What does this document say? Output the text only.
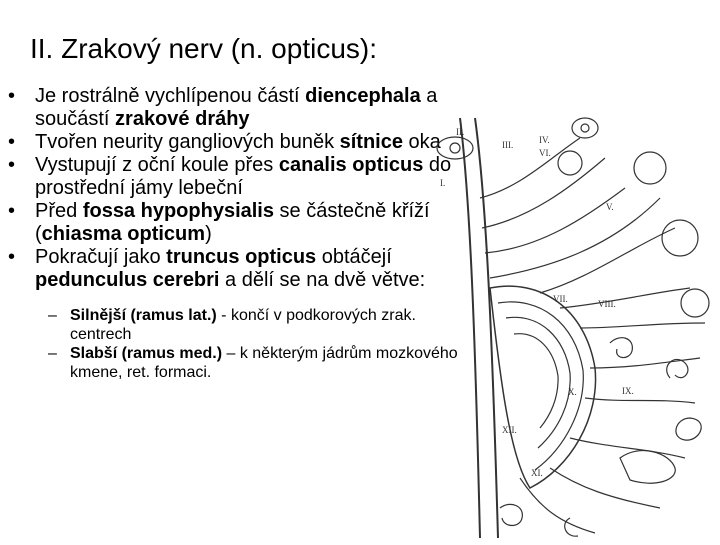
II. Zrakový nerv (n. opticus):
• Je rostrálně vychlípenou částí diencephala a součástí zrakové dráhy
• Tvořen neurity gangliových buněk sítnice oka
• Vystupují z oční koule přes canalis opticus do prostřední jámy lebeční
• Před fossa hypophysialis se částečně kříží (chiasma opticum)
• Pokračují jako truncus opticus obtáčejí pedunculus cerebri a dělí se na dvě větve:
– Silnější (ramus lat.) - končí v podkorových zrak. centrech
– Slabší (ramus med.) – k některým jádrům mozkového kmene, ret. formaci.
II.
III.	IV.
VI.
I.
V.
VII.	VIII.
IX.
X.
XII.
XI.
